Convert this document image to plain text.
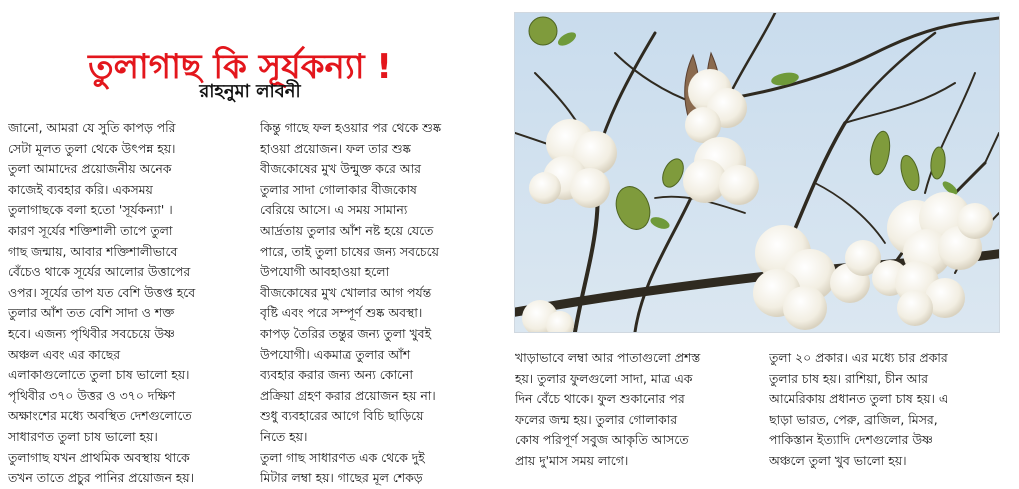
তুলাগাছ কি সূর্যকন্যা !
রাহনুমা লাবনী
জানো, আমরা যে সুতি কাপড় পরি
সেটা মূলত তুলা থেকে উৎপন্ন হয়।
তুলা আমাদের প্রয়োজনীয় অনেক
কাজেই ব্যবহার করি। একসময়
তুলাগাছকে বলা হতো 'সূর্যকন্যা' ।
কারণ সূর্যের শক্তিশালী তাপে তুলা
গাছ জন্মায়, আবার শক্তিশালীভাবে
বেঁচেও থাকে সূর্যের আলোর উত্তাপের
ওপর। সূর্যের তাপ যত বেশি উত্তপ্ত হবে
তুলার আঁশ তত বেশি সাদা ও শক্ত
হবে। এজন্য পৃথিবীর সবচেয়ে উষ্ণ
অঞ্চল এবং এর কাছের
এলাকাগুলোতে তুলা চাষ ভালো হয়।
পৃথিবীর ৩৭০ উত্তর ও ৩৭০ দক্ষিণ
অক্ষাংশের মধ্যে অবস্থিত দেশগুলোতে
সাধারণত তুলা চাষ ভালো হয়।
তুলাগাছ যখন প্রাথমিক অবস্থায় থাকে
তখন তাতে প্রচুর পানির প্রয়োজন হয়।
কিন্তু গাছে ফল হওয়ার পর থেকে শুষ্ক
হাওয়া প্রয়োজন। ফল তার শুষ্ক
বীজকোষের মুখ উন্মুক্ত করে আর
তুলার সাদা গোলাকার বীজকোষ
বেরিয়ে আসে। এ সময় সামান্য
আর্দ্রতায় তুলার আঁশ নষ্ট হয়ে যেতে
পারে, তাই তুলা চাষের জন্য সবচেয়ে
উপযোগী আবহাওয়া হলো
বীজকোষের মুখ খোলার আগ পর্যন্ত
বৃষ্টি এবং পরে সম্পূর্ণ শুষ্ক অবস্থা।
কাপড় তৈরির তন্তুর জন্য তুলা খুবই
উপযোগী। একমাত্র তুলার আঁশ
ব্যবহার করার জন্য অন্য কোনো
প্রক্রিয়া গ্রহণ করার প্রয়োজন হয় না।
শুধু ব্যবহারের আগে বিচি ছাড়িয়ে
নিতে হয়।
তুলা গাছ সাধারণত এক থেকে দুই
মিটার লম্বা হয়। গাছের মূল শেকড়
খাড়াভাবে লম্বা আর পাতাগুলো প্রশস্ত
হয়। তুলার ফুলগুলো সাদা, মাত্র এক
দিন বেঁচে থাকে। ফুল শুকানোর পর
ফলের জন্ম হয়। তুলার গোলাকার
কোষ পরিপূর্ণ সবুজ আকৃতি আসতে
প্রায় দু'মাস সময় লাগে।
তুলা ২০ প্রকার। এর মধ্যে চার প্রকার
তুলার চাষ হয়। রাশিয়া, চীন আর
আমেরিকায় প্রধানত তুলা চাষ হয়। এ
ছাড়া ভারত, পেরু, ব্রাজিল, মিসর,
পাকিস্তান ইত্যাদি দেশগুলোর উষ্ণ
অঞ্চলে তুলা খুব ভালো হয়।
